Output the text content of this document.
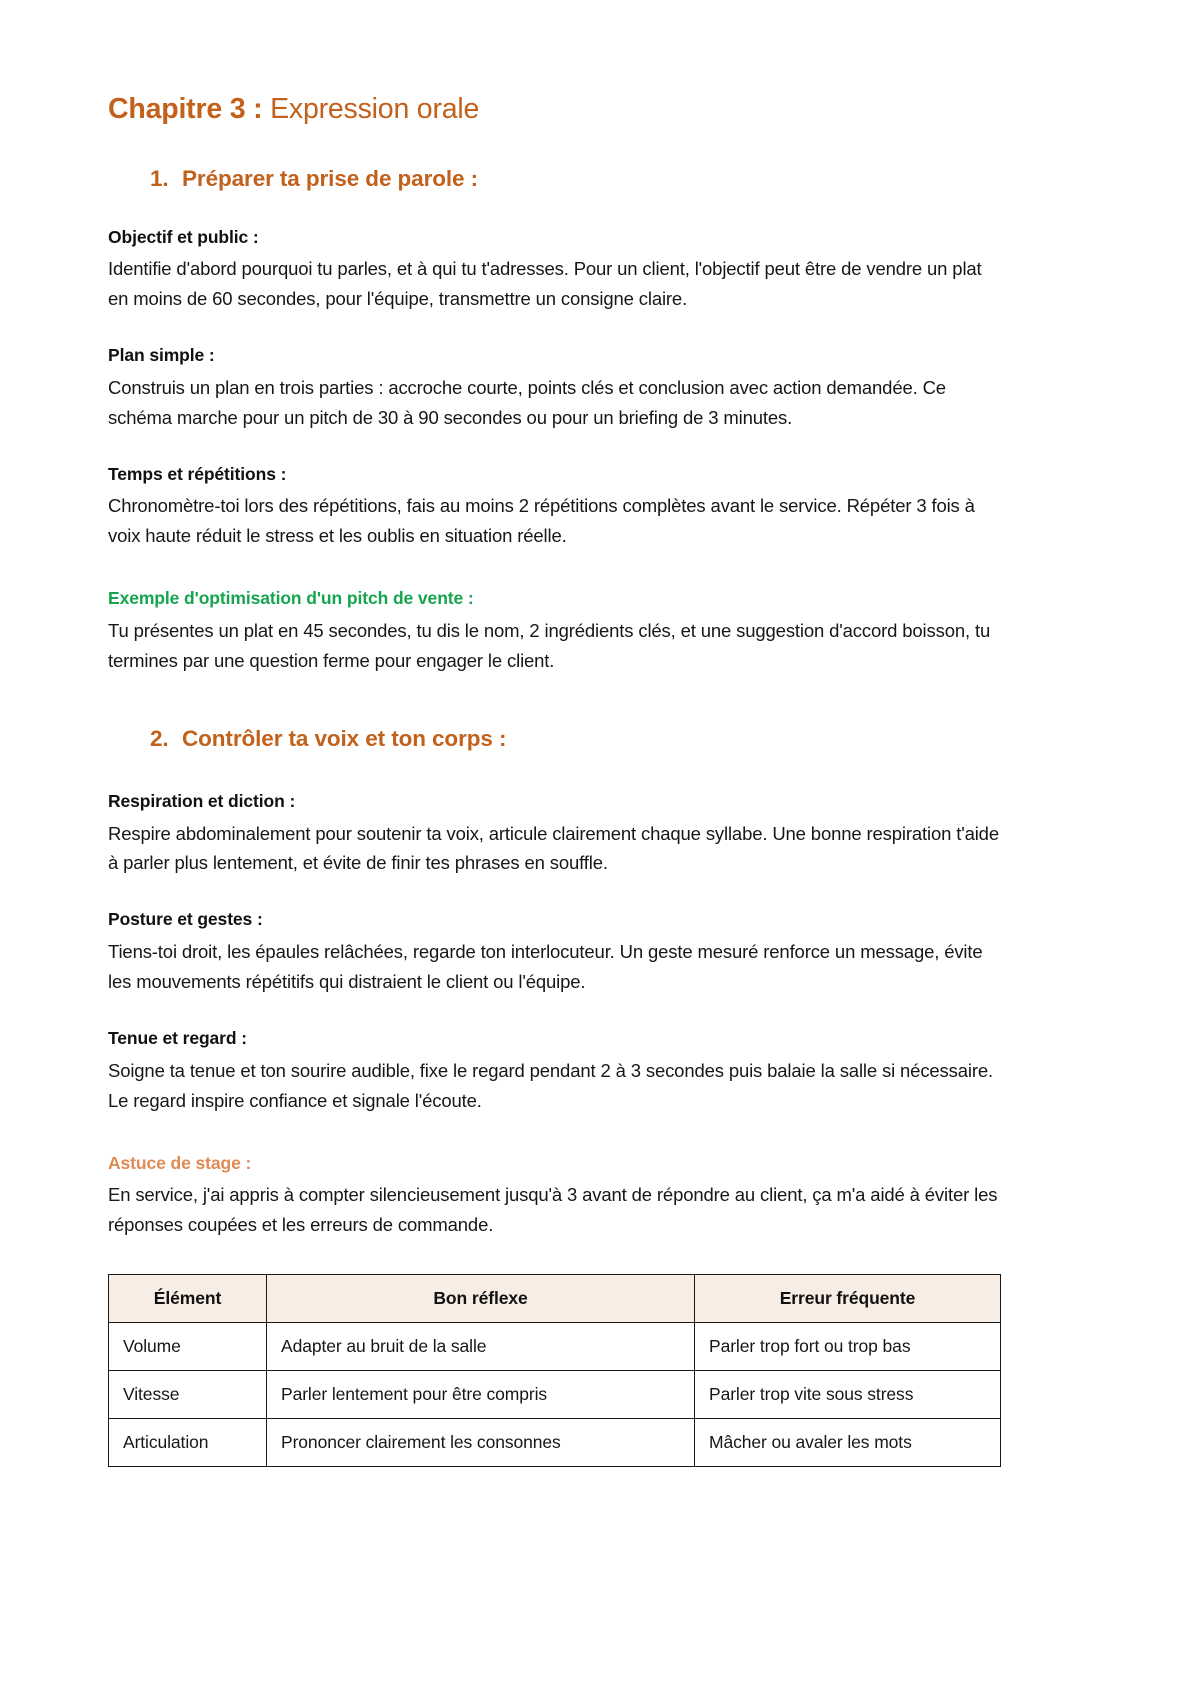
Chapitre 3 : Expression orale
1. Préparer ta prise de parole :

Objectif et public :

Identifie d'abord pourquoi tu parles, et à qui tu t'adresses. Pour un client, l'objectif peut être de vendre un plat en moins de 60 secondes, pour l'équipe, transmettre un consigne claire.

Plan simple :

Construis un plan en trois parties : accroche courte, points clés et conclusion avec action demandée. Ce schéma marche pour un pitch de 30 à 90 secondes ou pour un briefing de 3 minutes.

Temps et répétitions :

Chronomètre-toi lors des répétitions, fais au moins 2 répétitions complètes avant le service. Répéter 3 fois à voix haute réduit le stress et les oublis en situation réelle.

Exemple d'optimisation d'un pitch de vente :

Tu présentes un plat en 45 secondes, tu dis le nom, 2 ingrédients clés, et une suggestion d'accord boisson, tu termines par une question ferme pour engager le client.

2. Contrôler ta voix et ton corps :

Respiration et diction :

Respire abdominalement pour soutenir ta voix, articule clairement chaque syllabe. Une bonne respiration t'aide à parler plus lentement, et évite de finir tes phrases en souffle.

Posture et gestes :

Tiens-toi droit, les épaules relâchées, regarde ton interlocuteur. Un geste mesuré renforce un message, évite les mouvements répétitifs qui distraient le client ou l'équipe.

Tenue et regard :

Soigne ta tenue et ton sourire audible, fixe le regard pendant 2 à 3 secondes puis balaie la salle si nécessaire. Le regard inspire confiance et signale l'écoute.

Astuce de stage :

En service, j'ai appris à compter silencieusement jusqu'à 3 avant de répondre au client, ça m'a aidé à éviter les réponses coupées et les erreurs de commande.

Élément	Bon réflexe	Erreur fréquente
Volume	Adapter au bruit de la salle	Parler trop fort ou trop bas
Vitesse	Parler lentement pour être compris	Parler trop vite sous stress
Articulation	Prononcer clairement les consonnes	Mâcher ou avaler les mots
